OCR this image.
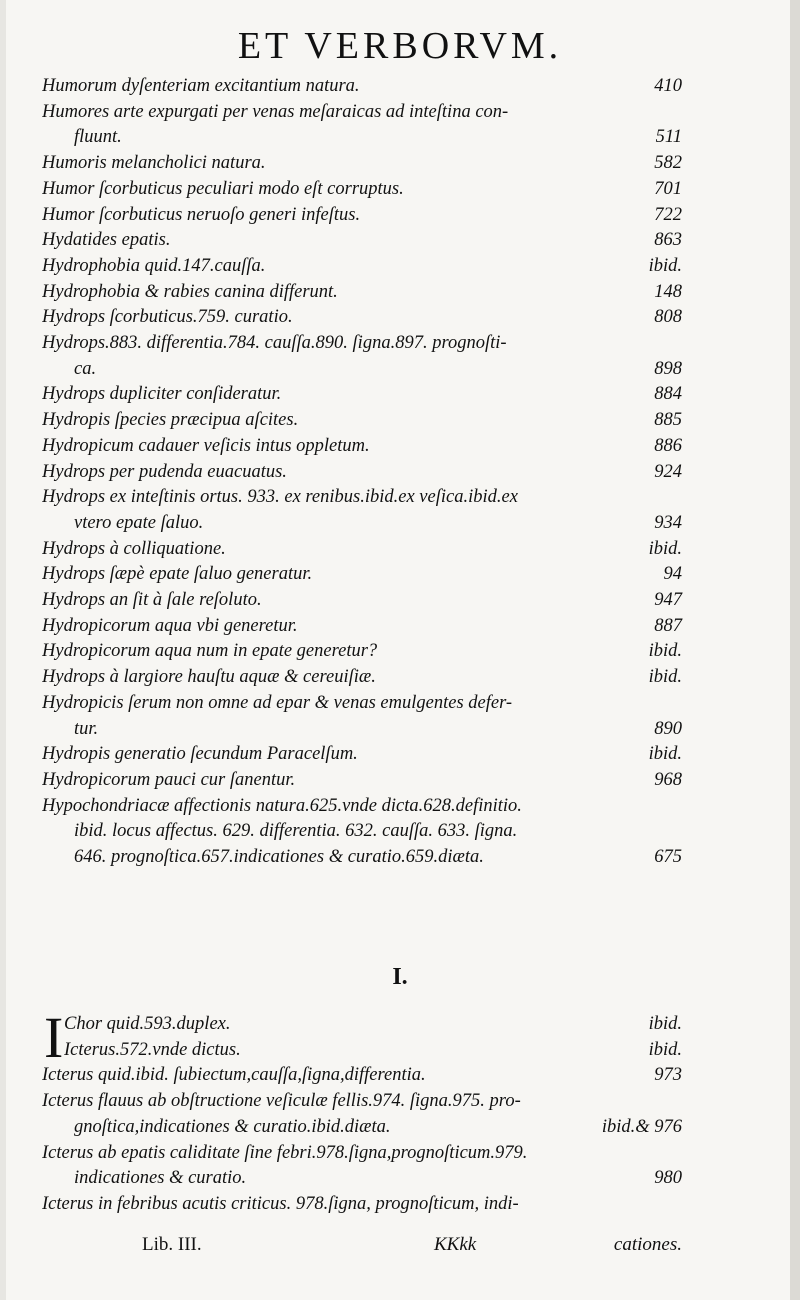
ET VERBORVM.
Humorum dyſenteriam excitantium natura.	410
Humores arte expurgati per venas meſaraicas ad inteſtina con-
fluunt.	511
Humoris melancholici natura.	582
Humor ſcorbuticus peculiari modo eſt corruptus.	701
Humor ſcorbuticus neruoſo generi infeſtus.	722
Hydatides epatis.	863
Hydrophobia quid.147.cauſſa.	ibid.
Hydrophobia & rabies canina differunt.	148
Hydrops ſcorbuticus.759. curatio.	808
Hydrops.883. differentia.784. cauſſa.890. ſigna.897. prognoſti-
ca.	898
Hydrops dupliciter conſideratur.	884
Hydropis ſpecies præcipua aſcites.	885
Hydropicum cadauer veſicis intus oppletum.	886
Hydrops per pudenda euacuatus.	924
Hydrops ex inteſtinis ortus. 933. ex renibus.ibid.ex veſica.ibid.ex
vtero epate ſaluo.	934
Hydrops à colliquatione.	ibid.
Hydrops ſæpè epate ſaluo generatur.	94
Hydrops an ſit à ſale reſoluto.	947
Hydropicorum aqua vbi generetur.	887
Hydropicorum aqua num in epate generetur?	ibid.
Hydrops à largiore hauſtu aquæ & cereuiſiæ.	ibid.
Hydropicis ſerum non omne ad epar & venas emulgentes defer-
tur.	890
Hydropis generatio ſecundum Paracelſum.	ibid.
Hydropicorum pauci cur ſanentur.	968
Hypochondriacæ affectionis natura.625.vnde dicta.628.definitio.
ibid. locus affectus. 629. differentia. 632. cauſſa. 633. ſigna.
646. prognoſtica.657.indicationes & curatio.659.diæta.	675
I.
I Chor quid.593.duplex.	ibid.
Icterus.572.vnde dictus.	ibid.
Icterus quid.ibid. ſubiectum,cauſſa,ſigna,differentia.	973
Icterus flauus ab obſtructione veſiculæ fellis.974. ſigna.975. pro-
gnoſtica,indicationes & curatio.ibid.diæta.	ibid.& 976
Icterus ab epatis caliditate ſine febri.978.ſigna,prognoſticum.979.
indicationes & curatio.	980
Icterus in febribus acutis criticus. 978.ſigna, prognoſticum, indi-
Lib. III.	KKkk	cationes.
